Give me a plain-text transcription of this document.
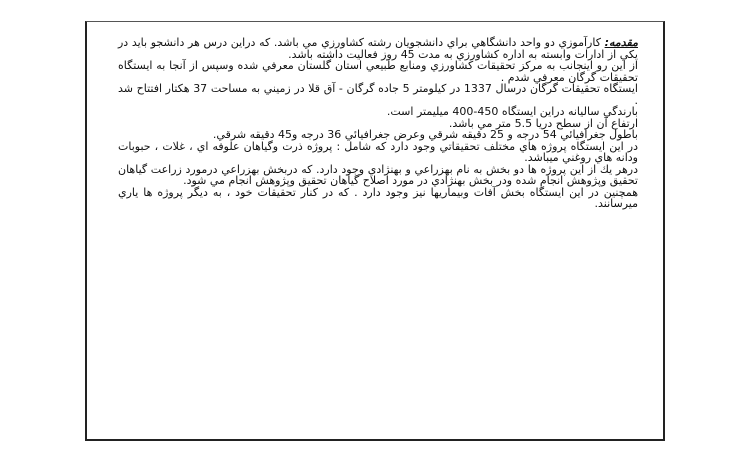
مقدمه: كارآموزي دو واحد دانشگاهي براي دانشجويان رشته كشاورزي مي باشد. كه دراين درس هر دانشجو بايد در يكي از ادارات وابسته به اداره كشاورزي به مدت 45 روز فعاليت داشته باشد.
از اين رو اينجانب به مركز تحقيقات كشاورزي ومنابع طبيعي استان گلستان معرفي شده وسپس از آنجا به ايستگاه تحقيقات گرگان معرفي شدم .
ايستگاه تحقيقات گرگان درسال 1337 در كيلومتر 5 جاده گرگان - آق قلا در زميني به مساحت 37 هكتار افتتاح شد .
بارندگي ساليانه دراين ايستگاه 450-400 ميليمتر است.
ارتفاع آن از سطح دريا 5.5 متر مي باشد.
باطول جغرافيائي 54 درجه و 25 دقيقه شرقي وعرض جغرافيائي 36 درجه و45 دقيقه شرقي.
در اين ايستگاه پروژه هاي مختلف تحقيقاتي وجود دارد كه شامل : پروژه ذرت وگياهان علوفه اي ، غلات ، حبوبات ودانه هاي روغني ميباشد.
درهر يك از اين پروژه ها دو بخش به نام بهزراعي و بهنژادي وجود دارد. كه دربخش بهزراعي درمورد زراعت گياهان تحقيق وپژوهش انجام شده ودر بخش بهنژادي در مورد اصلاح گياهان تحقيق وپژوهش انجام مي شود.
همچنين در اين ايستگاه بخش آفات وبيماريها نيز وجود دارد . كه در كنار تحقيقات خود ، به ديگر پروژه ها ياري ميرسانند.
